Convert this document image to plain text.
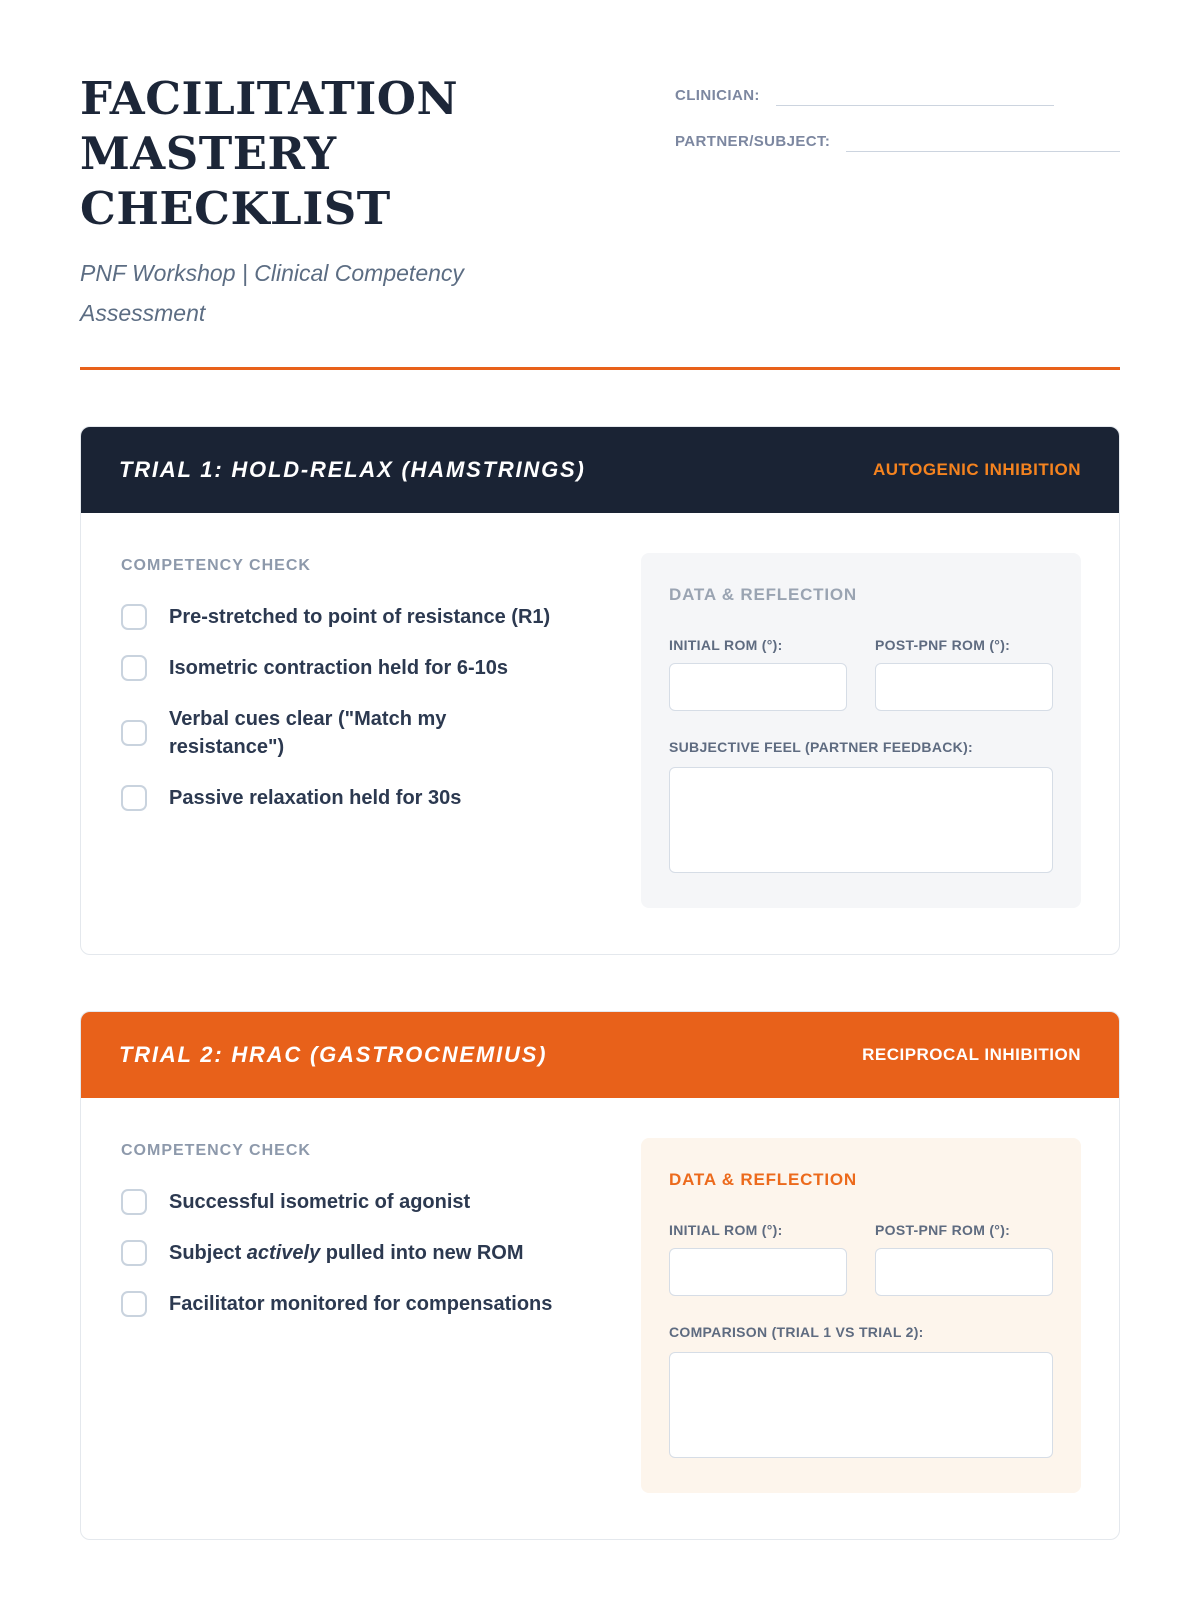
FACILITATION
MASTERY CHECKLIST
PNF Workshop | Clinical Competency Assessment
CLINICIAN:
PARTNER/SUBJECT:
TRIAL 1: HOLD-RELAX (HAMSTRINGS)	AUTOGENIC INHIBITION
COMPETENCY CHECK
Pre-stretched to point of resistance (R1)
Isometric contraction held for 6-10s
Verbal cues clear ("Match my resistance")
Passive relaxation held for 30s
DATA & REFLECTION
INITIAL ROM (°):	POST-PNF ROM (°):
SUBJECTIVE FEEL (PARTNER FEEDBACK):
TRIAL 2: HRAC (GASTROCNEMIUS)	RECIPROCAL INHIBITION
COMPETENCY CHECK
Successful isometric of agonist
Subject actively pulled into new ROM
Facilitator monitored for compensations
DATA & REFLECTION
INITIAL ROM (°):	POST-PNF ROM (°):
COMPARISON (TRIAL 1 VS TRIAL 2):
